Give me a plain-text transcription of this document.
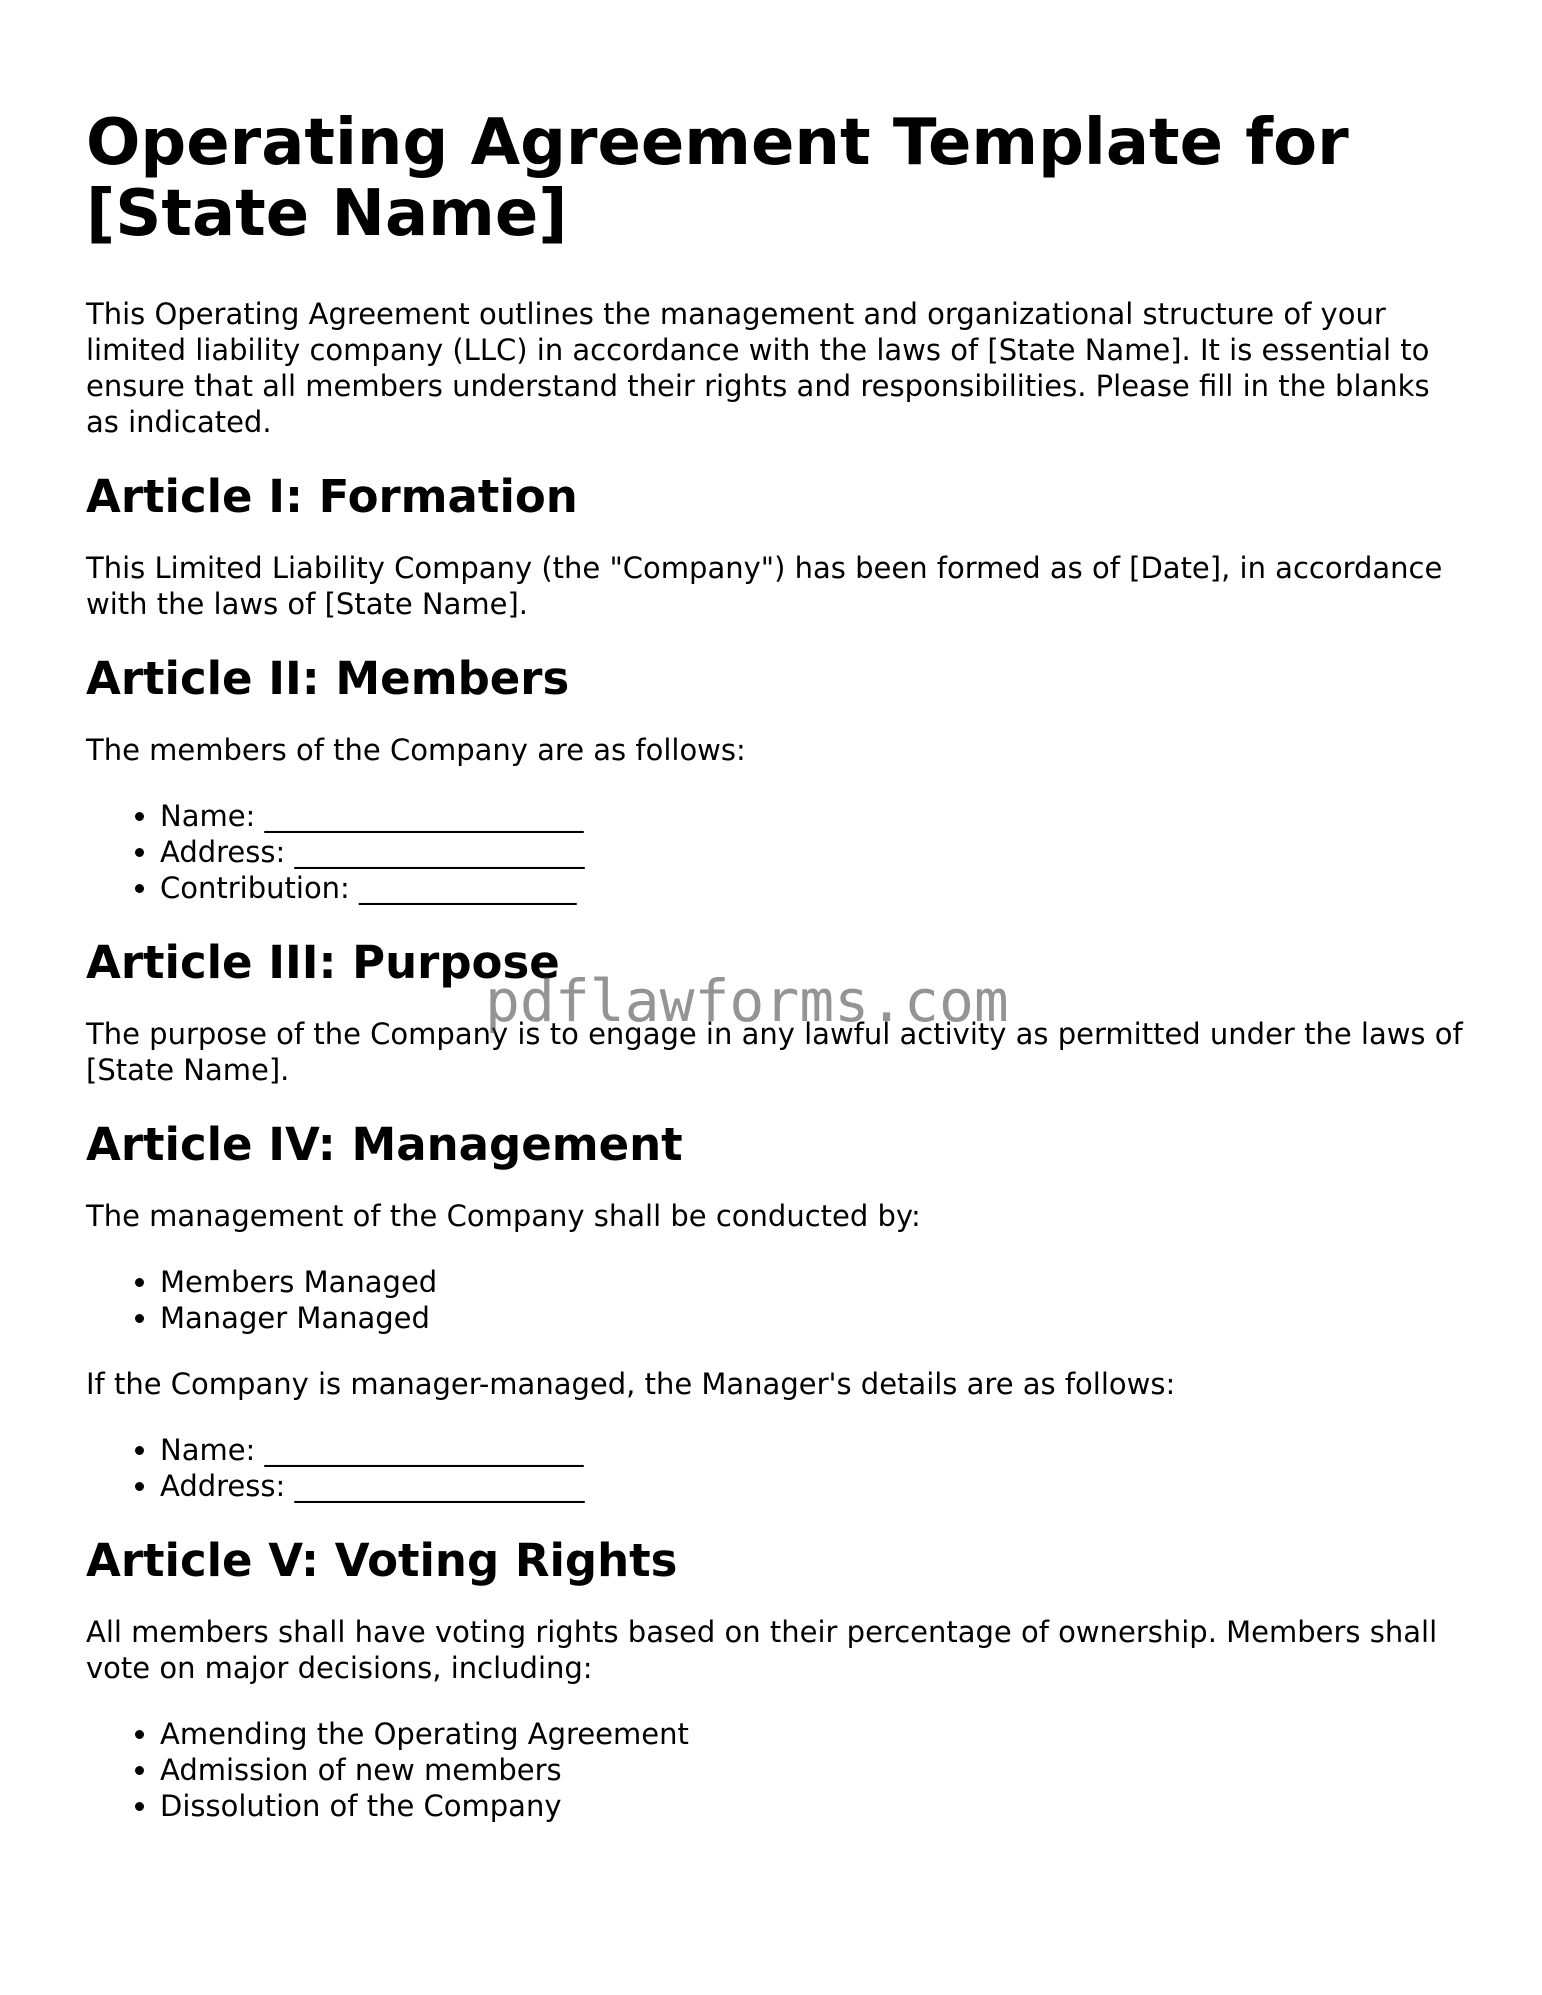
Operating Agreement Template for [State Name]

This Operating Agreement outlines the management and organizational structure of your limited liability company (LLC) in accordance with the laws of [State Name]. It is essential to ensure that all members understand their rights and responsibilities. Please fill in the blanks as indicated.

Article I: Formation

This Limited Liability Company (the "Company") has been formed as of [Date], in accordance with the laws of [State Name].

Article II: Members

The members of the Company are as follows:

• Name: ______________________
• Address: ____________________
• Contribution: _______________
Article III: Purpose

The purpose of the Company is to engage in any lawful activity as permitted under the laws of [State Name].

Article IV: Management

The management of the Company shall be conducted by:

• Members Managed
• Manager Managed

If the Company is manager-managed, the Manager's details are as follows:

• Name: ______________________
• Address: ____________________
Article V: Voting Rights

All members shall have voting rights based on their percentage of ownership. Members shall vote on major decisions, including:

• Amending the Operating Agreement
• Admission of new members
• Dissolution of the Company
pdflawforms.com
